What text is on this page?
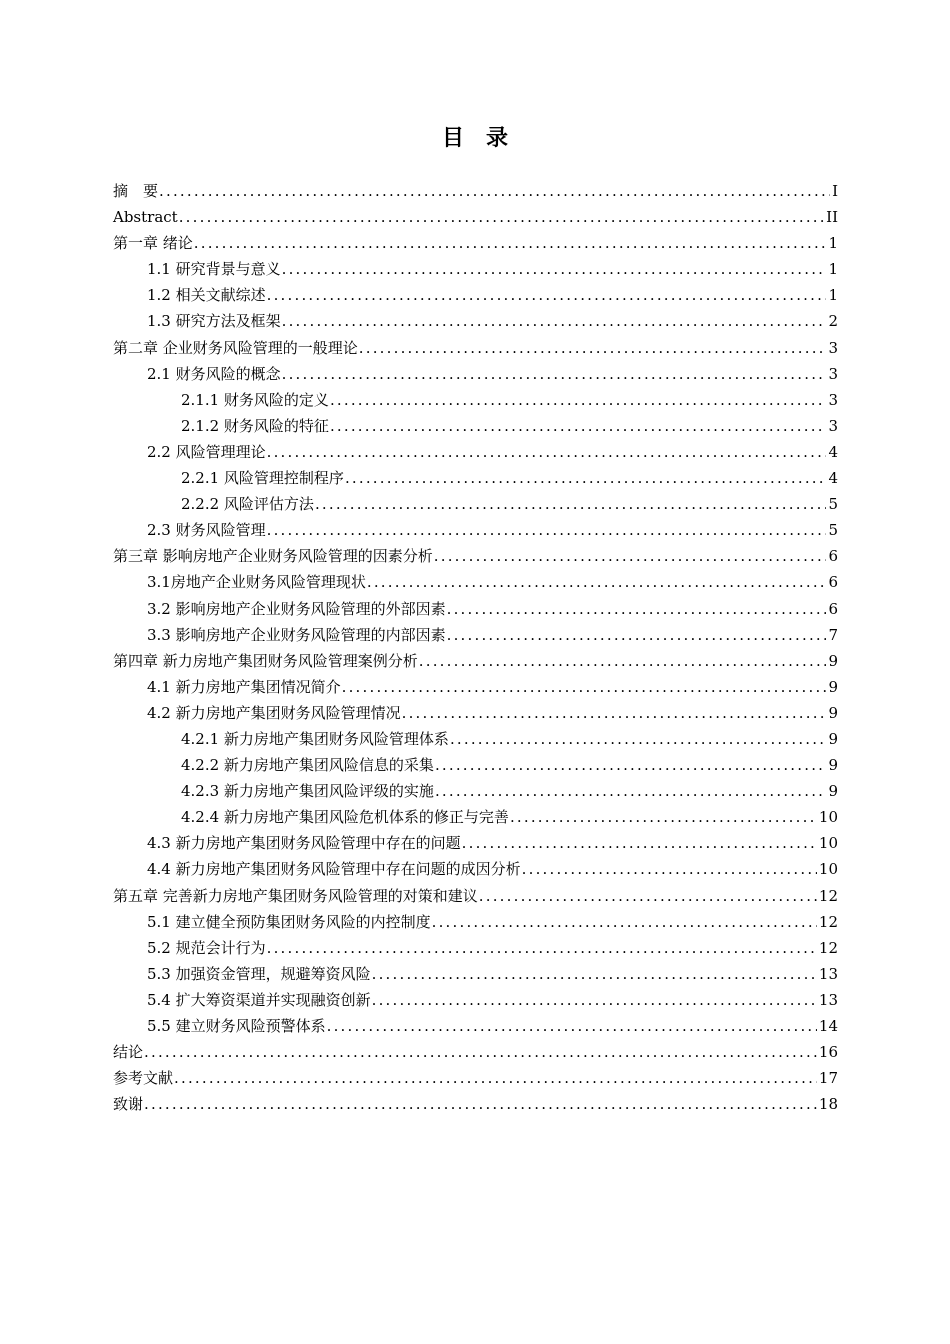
目　录
摘　要 .....	I
Abstract .....	II
第一章 绪论 .....	1
1.1 研究背景与意义 .....	1
1.2 相关文献综述 .....	1
1.3 研究方法及框架 .....	2
第二章 企业财务风险管理的一般理论 .....	3
2.1 财务风险的概念 .....	3
2.1.1 财务风险的定义 .....	3
2.1.2 财务风险的特征 .....	3
2.2 风险管理理论 .....	4
2.2.1 风险管理控制程序 .....	4
2.2.2 风险评估方法 .....	5
2.3 财务风险管理 .....	5
第三章 影响房地产企业财务风险管理的因素分析 .....	6
3.1房地产企业财务风险管理现状 .....	6
3.2 影响房地产企业财务风险管理的外部因素 .....	6
3.3 影响房地产企业财务风险管理的内部因素 .....	7
第四章 新力房地产集团财务风险管理案例分析 .....	9
4.1 新力房地产集团情况简介 .....	9
4.2 新力房地产集团财务风险管理情况 .....	9
4.2.1 新力房地产集团财务风险管理体系 .....	9
4.2.2 新力房地产集团风险信息的采集 .....	9
4.2.3 新力房地产集团风险评级的实施 .....	9
4.2.4 新力房地产集团风险危机体系的修正与完善 .....	10
4.3 新力房地产集团财务风险管理中存在的问题 .....	10
4.4 新力房地产集团财务风险管理中存在问题的成因分析 .....	10
第五章 完善新力房地产集团财务风险管理的对策和建议 .....	12
5.1 建立健全预防集团财务风险的内控制度 .....	12
5.2 规范会计行为 .....	12
5.3 加强资金管理，规避筹资风险 .....	13
5.4 扩大筹资渠道并实现融资创新 .....	13
5.5 建立财务风险预警体系 .....	14
结论 .....	16
参考文献 .....	17
致谢 .....	18
